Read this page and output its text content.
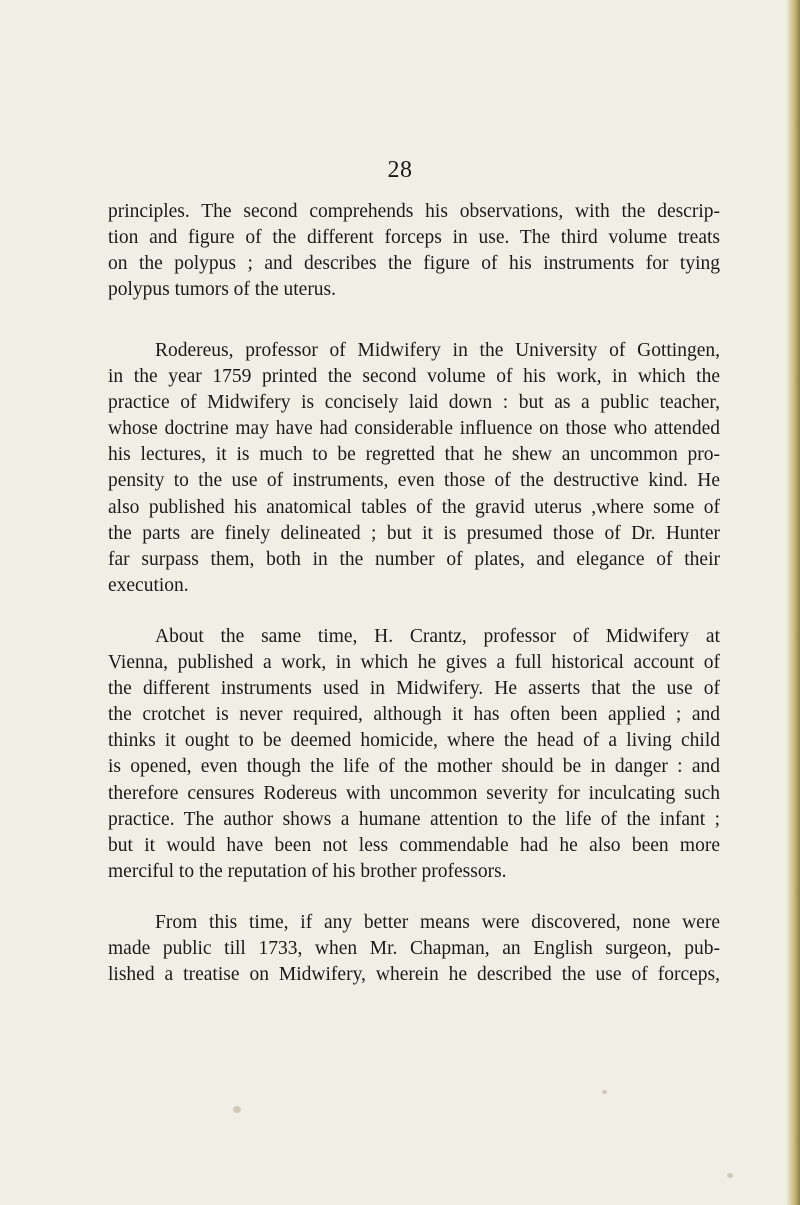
28

principles. The second comprehends his observations, with the descrip-
tion and figure of the different forceps in use. The third volume treats
on the polypus ; and describes the figure of his instruments for tying
polypus tumors of the uterus.

Rodereus, professor of Midwifery in the University of Gottingen,
in the year 1759 printed the second volume of his work, in which the
practice of Midwifery is concisely laid down : but as a public teacher,
whose doctrine may have had considerable influence on those who attended
his lectures, it is much to be regretted that he shew an uncommon pro-
pensity to the use of instruments, even those of the destructive kind. He
also published his anatomical tables of the gravid uterus ,where some of
the parts are finely delineated ; but it is presumed those of Dr. Hunter
far surpass them, both in the number of plates, and elegance of their
execution.

About the same time, H. Crantz, professor of Midwifery at
Vienna, published a work, in which he gives a full historical account of
the different instruments used in Midwifery. He asserts that the use of
the crotchet is never required, although it has often been applied ; and
thinks it ought to be deemed homicide, where the head of a living child
is opened, even though the life of the mother should be in danger : and
therefore censures Rodereus with uncommon severity for inculcating such
practice. The author shows a humane attention to the life of the infant ;
but it would have been not less commendable had he also been more
merciful to the reputation of his brother professors.

From this time, if any better means were discovered, none were
made public till 1733, when Mr. Chapman, an English surgeon, pub-
lished a treatise on Midwifery, wherein he described the use of forceps,
